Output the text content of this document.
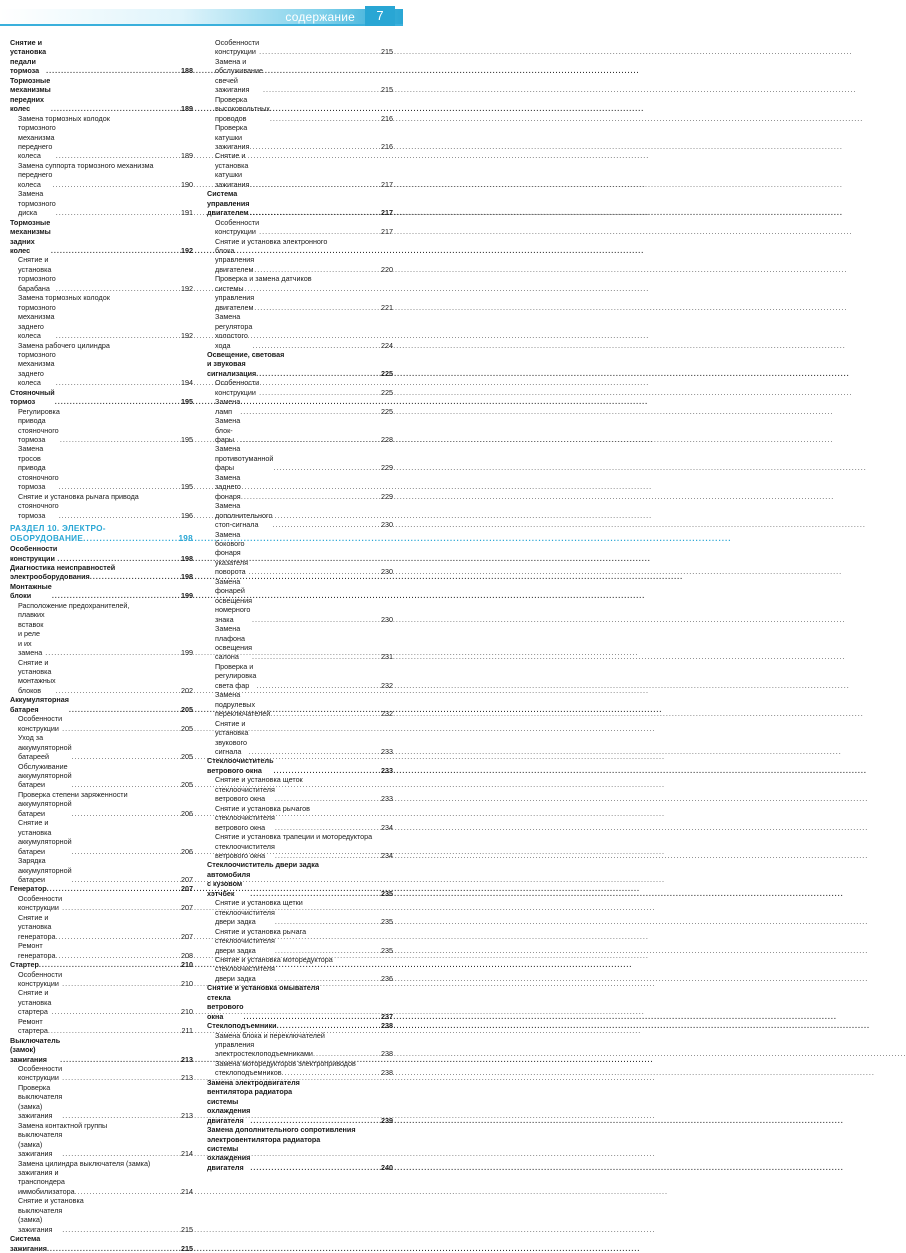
содержание	7
Снятие и установка педали тормоза .....	188
Тормозные механизмы передних колес .....	189
Замена тормозных колодок
тормозного механизма переднего колеса .....	189
Замена суппорта тормозного механизма
переднего колеса .....	190
Замена тормозного диска .....	191
Тормозные механизмы задних колес .....	192
Снятие и установка тормозного барабана .....	192
Замена тормозных колодок
тормозного механизма заднего колеса .....	192
Замена рабочего цилиндра
тормозного механизма заднего колеса .....	194
Стояночный тормоз .....	195
Регулировка привода стояночного тормоза .....	195
Замена тросов привода стояночного тормоза .....	195
Снятие и установка рычага привода
стояночного тормоза .....	196
РАЗДЕЛ 10. ЭЛЕКТРО-
ОБОРУДОВАНИЕ .....	198
Особенности конструкции .....	198
Диагностика неисправностей
электрооборудования .....	198
Монтажные блоки .....	199
Расположение предохранителей,
плавких вставок и реле и их замена .....	199
Снятие и установка монтажных блоков .....	202
Аккумуляторная батарея .....	205
Особенности конструкции .....	205
Уход за аккумуляторной батареей .....	205
Обслуживание аккумуляторной батареи .....	205
Проверка степени заряженности
аккумуляторной батареи .....	206
Снятие и установка аккумуляторной батареи .....	206
Зарядка аккумуляторной батареи .....	207
Генератор .....	207
Особенности конструкции .....	207
Снятие и установка генератора .....	207
Ремонт генератора .....	208
Стартер .....	210
Особенности конструкции .....	210
Снятие и установка стартера .....	210
Ремонт стартера .....	211
Выключатель (замок) зажигания .....	213
Особенности конструкции .....	213
Проверка выключателя (замка) зажигания .....	213
Замена контактной группы
выключателя (замка) зажигания .....	214
Замена цилиндра выключателя (замка)
зажигания и транспондера иммобилизатора .....	214
Снятие и установка
выключателя (замка) зажигания .....	215
Система зажигания .....	215
Особенности конструкции .....	215
Замена и обслуживание свечей зажигания .....	215
Проверка высоковольтных проводов .....	216
Проверка катушки зажигания .....	216
Снятие и установка катушки зажигания .....	217
Система управления двигателем .....	217
Особенности конструкции .....	217
Снятие и установка электронного
блока управления двигателем .....	220
Проверка и замена датчиков
системы управления двигателем .....	221
Замена регулятора холостого хода .....	224
Освещение, световая
и звуковая сигнализация .....	225
Особенности конструкции .....	225
Замена ламп .....	225
Замена блок-фары .....	228
Замена противотуманной фары .....	229
Замена заднего фонаря .....	229
Замена дополнительного стоп-сигнала .....	230
Замена бокового фонаря указателя поворота .....	230
Замена фонарей освещения номерного знака .....	230
Замена плафона освещения салона .....	231
Проверка и регулировка света фар .....	232
Замена подрулевых переключателей .....	232
Снятие и установка звукового сигнала .....	233
Стеклоочиститель ветрового окна .....	233
Снятие и установка щеток
стеклоочистителя ветрового окна .....	233
Снятие и установка рычагов
стеклоочистителя ветрового окна .....	234
Снятие и установка трапеции и мотоpедуктора
стеклоочистителя ветрового окна .....	234
Стеклоочиститель двери задка
автомобиля с кузовом хэтчбек .....	235
Снятие и установка щетки
стеклоочистителя двери задка .....	235
Снятие и установка рычага
стеклоочистителя двери задка .....	235
Снятие и установка моторедуктора
стеклоочистителя двери задка .....	236
Снятие и установка омывателя
стекла ветрового окна .....	237
Стеклоподъемники .....	238
Замена блока и переключателей
управления электростеклоподъемниками .....	238
Замена моторедукторов электроприводов
стеклоподъемников .....	238
Замена электродвигателя
вентилятора радиатора
системы охлаждения двигателя .....	239
Замена дополнительного сопротивления
электровентилятора радиатора
системы охлаждения двигателя .....	240
